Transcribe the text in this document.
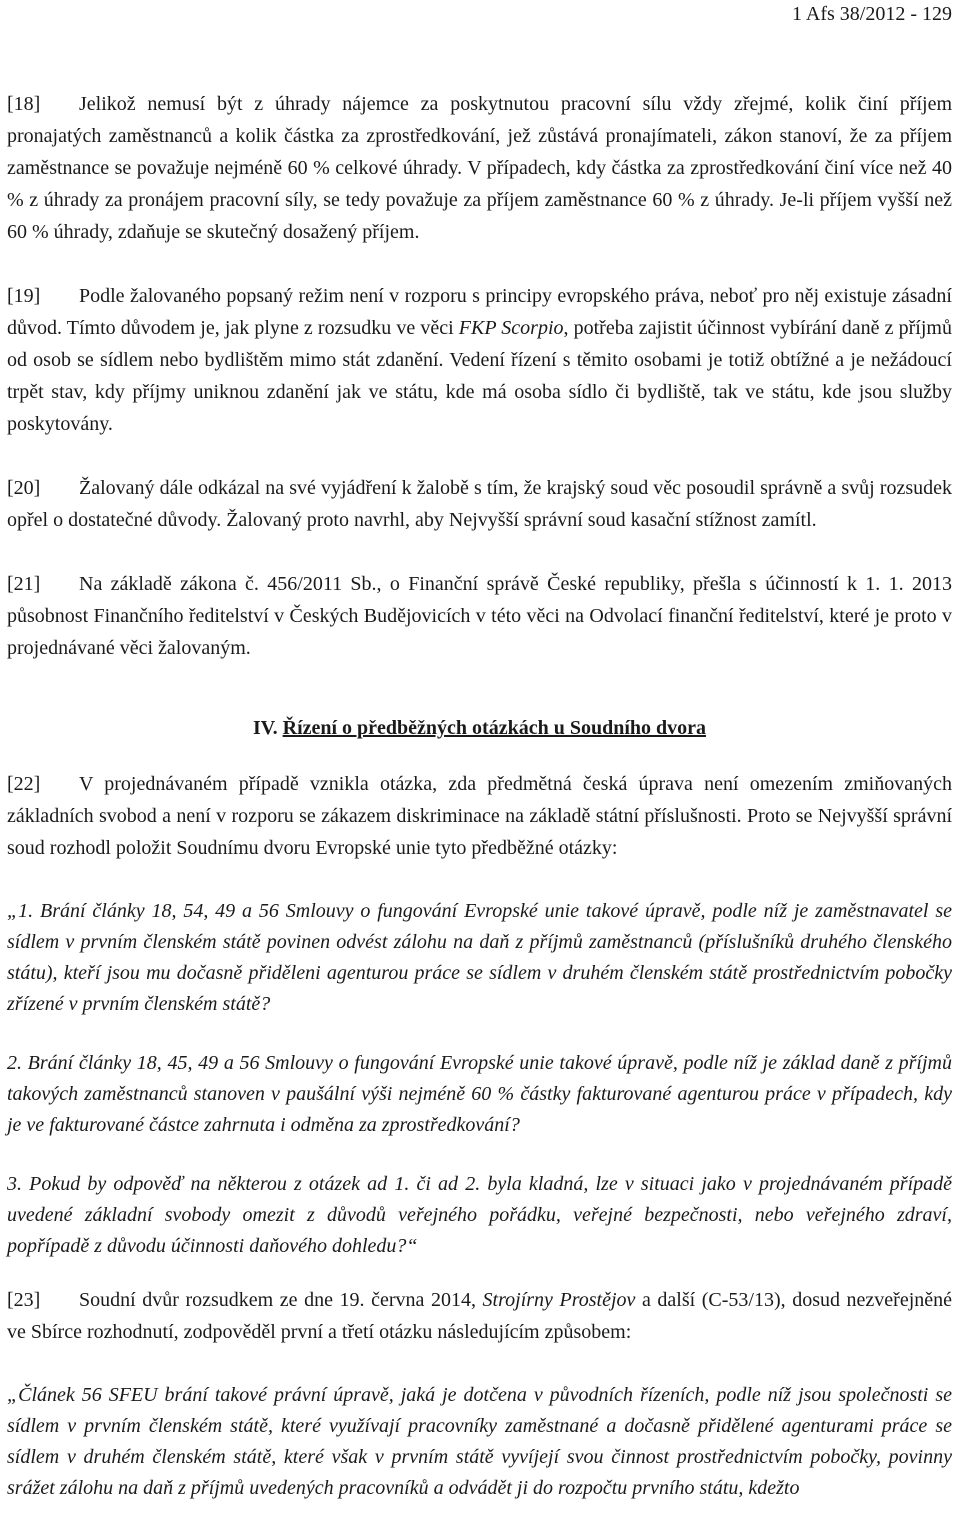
1 Afs 38/2012 - 129

[18] Jelikož nemusí být z úhrady nájemce za poskytnutou pracovní sílu vždy zřejmé, kolik činí příjem pronajatých zaměstnanců a kolik částka za zprostředkování, jež zůstává pronajímateli, zákon stanoví, že za příjem zaměstnance se považuje nejméně 60 % celkové úhrady. V případech, kdy částka za zprostředkování činí více než 40 % z úhrady za pronájem pracovní síly, se tedy považuje za příjem zaměstnance 60 % z úhrady. Je-li příjem vyšší než 60 % úhrady, zdaňuje se skutečný dosažený příjem.

[19] Podle žalovaného popsaný režim není v rozporu s principy evropského práva, neboť pro něj existuje zásadní důvod. Tímto důvodem je, jak plyne z rozsudku ve věci FKP Scorpio, potřeba zajistit účinnost vybírání daně z příjmů od osob se sídlem nebo bydlištěm mimo stát zdanění. Vedení řízení s těmito osobami je totiž obtížné a je nežádoucí trpět stav, kdy příjmy uniknou zdanění jak ve státu, kde má osoba sídlo či bydliště, tak ve státu, kde jsou služby poskytovány.

[20] Žalovaný dále odkázal na své vyjádření k žalobě s tím, že krajský soud věc posoudil správně a svůj rozsudek opřel o dostatečné důvody. Žalovaný proto navrhl, aby Nejvyšší správní soud kasační stížnost zamítl.

[21] Na základě zákona č. 456/2011 Sb., o Finanční správě České republiky, přešla s účinností k 1. 1. 2013 působnost Finančního ředitelství v Českých Budějovicích v této věci na Odvolací finanční ředitelství, které je proto v projednávané věci žalovaným.

IV. Řízení o předběžných otázkách u Soudního dvora

[22] V projednávaném případě vznikla otázka, zda předmětná česká úprava není omezením zmiňovaných základních svobod a není v rozporu se zákazem diskriminace na základě státní příslušnosti. Proto se Nejvyšší správní soud rozhodl položit Soudnímu dvoru Evropské unie tyto předběžné otázky:

„1. Brání články 18, 54, 49 a 56 Smlouvy o fungování Evropské unie takové úpravě, podle níž je zaměstnavatel se sídlem v prvním členském státě povinen odvést zálohu na daň z příjmů zaměstnanců (příslušníků druhého členského státu), kteří jsou mu dočasně přiděleni agenturou práce se sídlem v druhém členském státě prostřednictvím pobočky zřízené v prvním členském státě?

2. Brání články 18, 45, 49 a 56 Smlouvy o fungování Evropské unie takové úpravě, podle níž je základ daně z příjmů takových zaměstnanců stanoven v paušální výši nejméně 60 % částky fakturované agenturou práce v případech, kdy je ve fakturované částce zahrnuta i odměna za zprostředkování?

3. Pokud by odpověď na některou z otázek ad 1. či ad 2. byla kladná, lze v situaci jako v projednávaném případě uvedené základní svobody omezit z důvodů veřejného pořádku, veřejné bezpečnosti, nebo veřejného zdraví, popřípadě z důvodu účinnosti daňového dohledu?“

[23] Soudní dvůr rozsudkem ze dne 19. června 2014, Strojírny Prostějov a další (C-53/13), dosud nezveřejněné ve Sbírce rozhodnutí, zodpověděl první a třetí otázku následujícím způsobem:

„Článek 56 SFEU brání takové právní úpravě, jaká je dotčena v původních řízeních, podle níž jsou společnosti se sídlem v prvním členském státě, které využívají pracovníky zaměstnané a dočasně přidělené agenturami práce se sídlem v druhém členském státě, které však v prvním státě vyvíjejí svou činnost prostřednictvím pobočky, povinny srážet zálohu na daň z příjmů uvedených pracovníků a odvádět ji do rozpočtu prvního státu, kdežto
